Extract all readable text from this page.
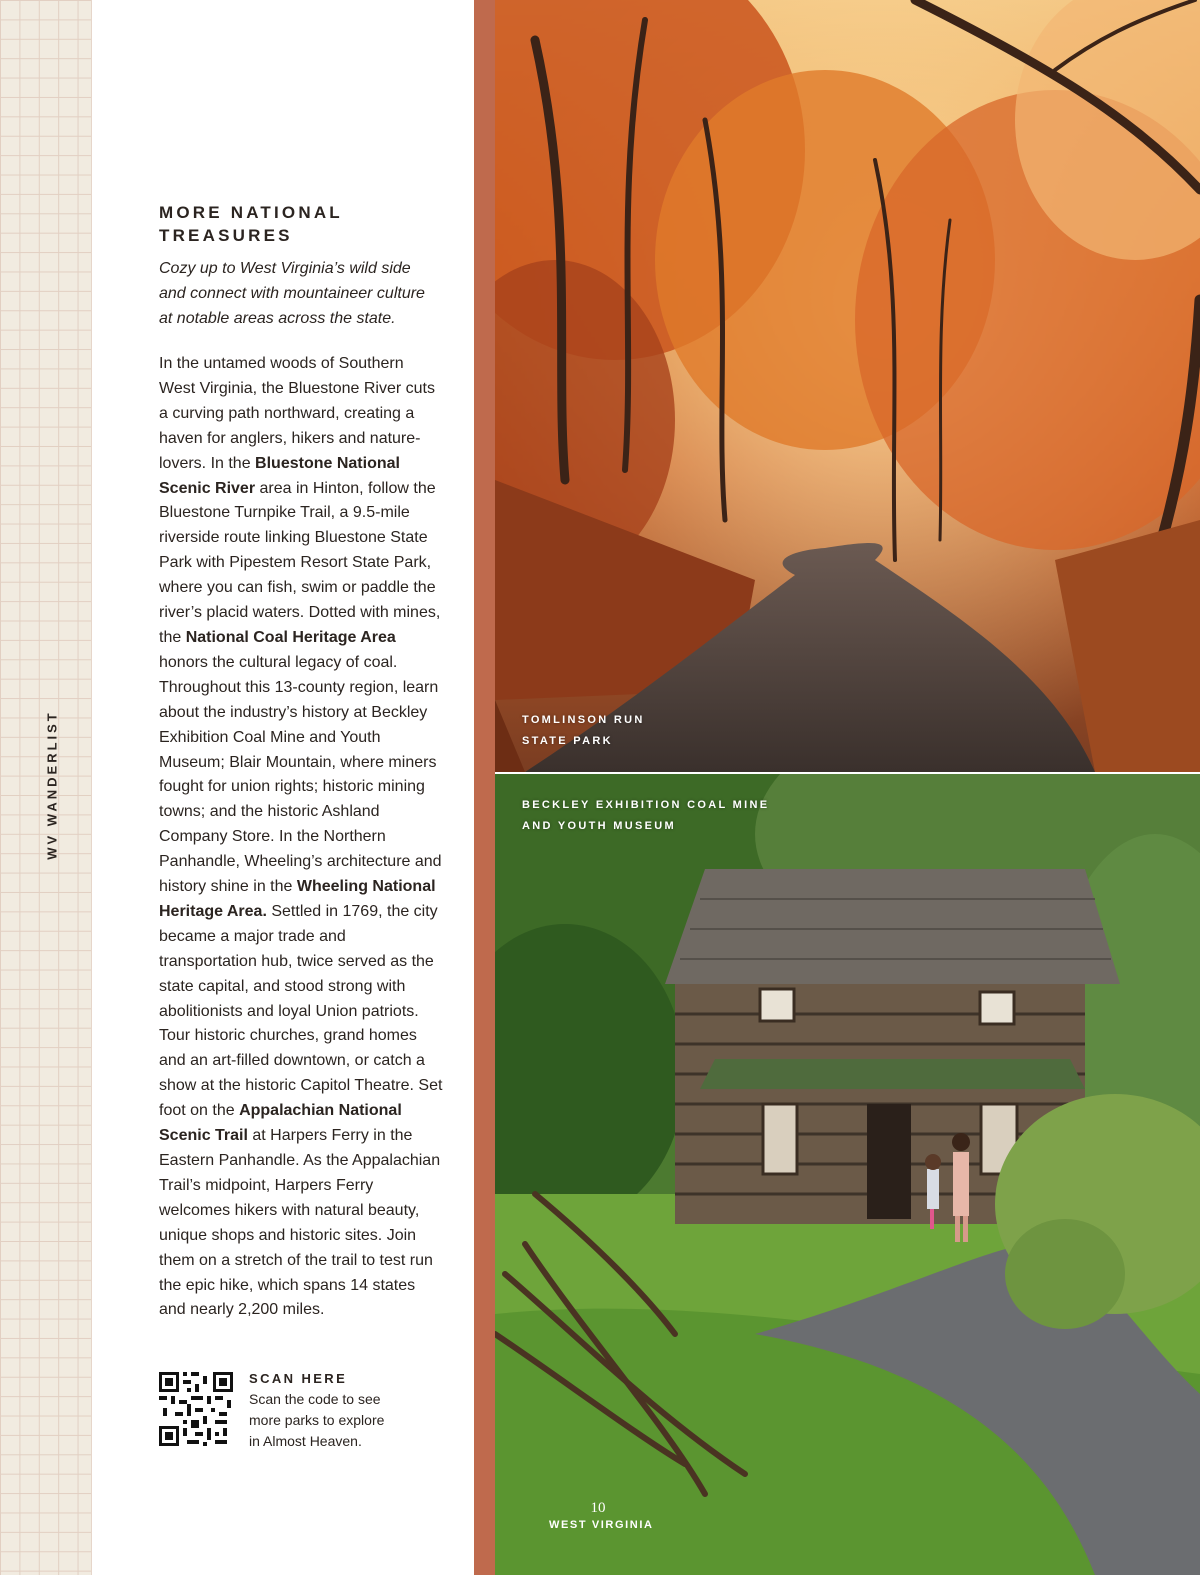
WV WANDERLIST
MORE NATIONAL
TREASURES
Cozy up to West Virginia’s wild side
and connect with mountaineer culture
at notable areas across the state.
In the untamed woods of Southern West Virginia, the Bluestone River cuts a curving path northward, creating a haven for anglers, hikers and nature-lovers. In the Bluestone National Scenic River area in Hinton, follow the Bluestone Turnpike Trail, a 9.5-mile riverside route linking Bluestone State Park with Pipestem Resort State Park, where you can fish, swim or paddle the river’s placid waters. Dotted with mines, the National Coal Heritage Area honors the cultural legacy of coal. Throughout this 13-county region, learn about the industry’s history at Beckley Exhibition Coal Mine and Youth Museum; Blair Mountain, where miners fought for union rights; historic mining towns; and the historic Ashland Company Store. In the Northern Panhandle, Wheeling’s architecture and history shine in the Wheeling National Heritage Area. Settled in 1769, the city became a major trade and transportation hub, twice served as the state capital, and stood strong with abolitionists and loyal Union patriots. Tour historic churches, grand homes and an art-filled downtown, or catch a show at the historic Capitol Theatre. Set foot on the Appalachian National Scenic Trail at Harpers Ferry in the Eastern Panhandle. As the Appalachian Trail’s midpoint, Harpers Ferry welcomes hikers with natural beauty, unique shops and historic sites. Join them on a stretch of the trail to test run the epic hike, which spans 14 states and nearly 2,200 miles.
SCAN HERE
Scan the code to see
more parks to explore
in Almost Heaven.
TOMLINSON RUN
STATE PARK
BECKLEY EXHIBITION COAL MINE
AND YOUTH MUSEUM
10
WEST VIRGINIA
